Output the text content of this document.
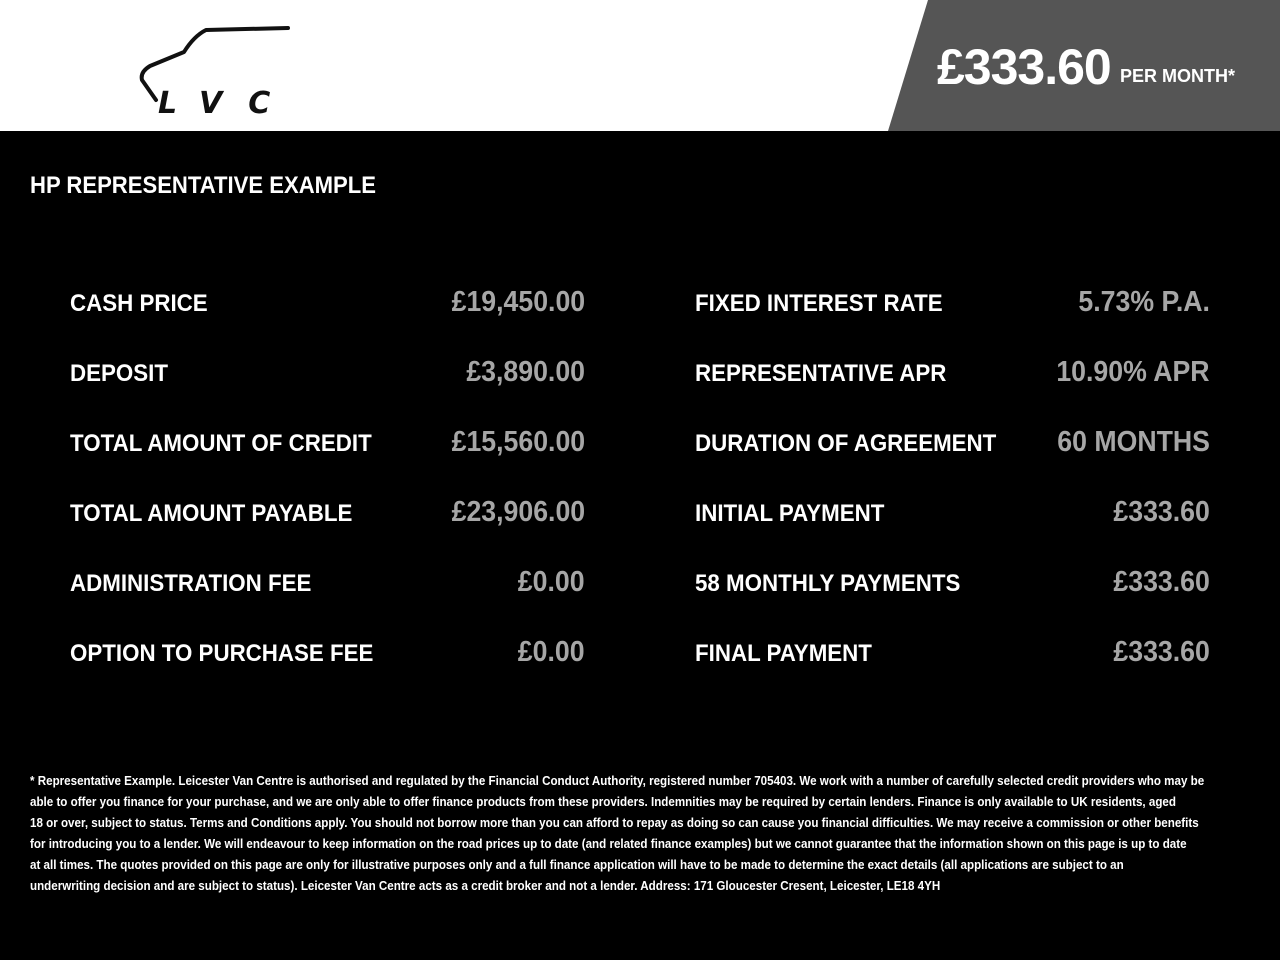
LVC
£333.60 PER MONTH*
HP REPRESENTATIVE EXAMPLE
CASH PRICE	£19,450.00
DEPOSIT	£3,890.00
TOTAL AMOUNT OF CREDIT	£15,560.00
TOTAL AMOUNT PAYABLE	£23,906.00
ADMINISTRATION FEE	£0.00
OPTION TO PURCHASE FEE	£0.00
FIXED INTEREST RATE	5.73% P.A.
REPRESENTATIVE APR	10.90% APR
DURATION OF AGREEMENT 60 MONTHS
INITIAL PAYMENT	£333.60
58 MONTHLY PAYMENTS	£333.60
FINAL PAYMENT	£333.60
* Representative Example. Leicester Van Centre is authorised and regulated by the Financial Conduct Authority, registered number 705403. We work with a number of carefully selected credit providers who may be
able to offer you finance for your purchase, and we are only able to offer finance products from these providers. Indemnities may be required by certain lenders. Finance is only available to UK residents, aged
18 or over, subject to status. Terms and Conditions apply. You should not borrow more than you can afford to repay as doing so can cause you financial difficulties. We may receive a commission or other benefits
for introducing you to a lender. We will endeavour to keep information on the road prices up to date (and related finance examples) but we cannot guarantee that the information shown on this page is up to date
at all times. The quotes provided on this page are only for illustrative purposes only and a full finance application will have to be made to determine the exact details (all applications are subject to an
underwriting decision and are subject to status). Leicester Van Centre acts as a credit broker and not a lender. Address: 171 Gloucester Cresent, Leicester, LE18 4YH
